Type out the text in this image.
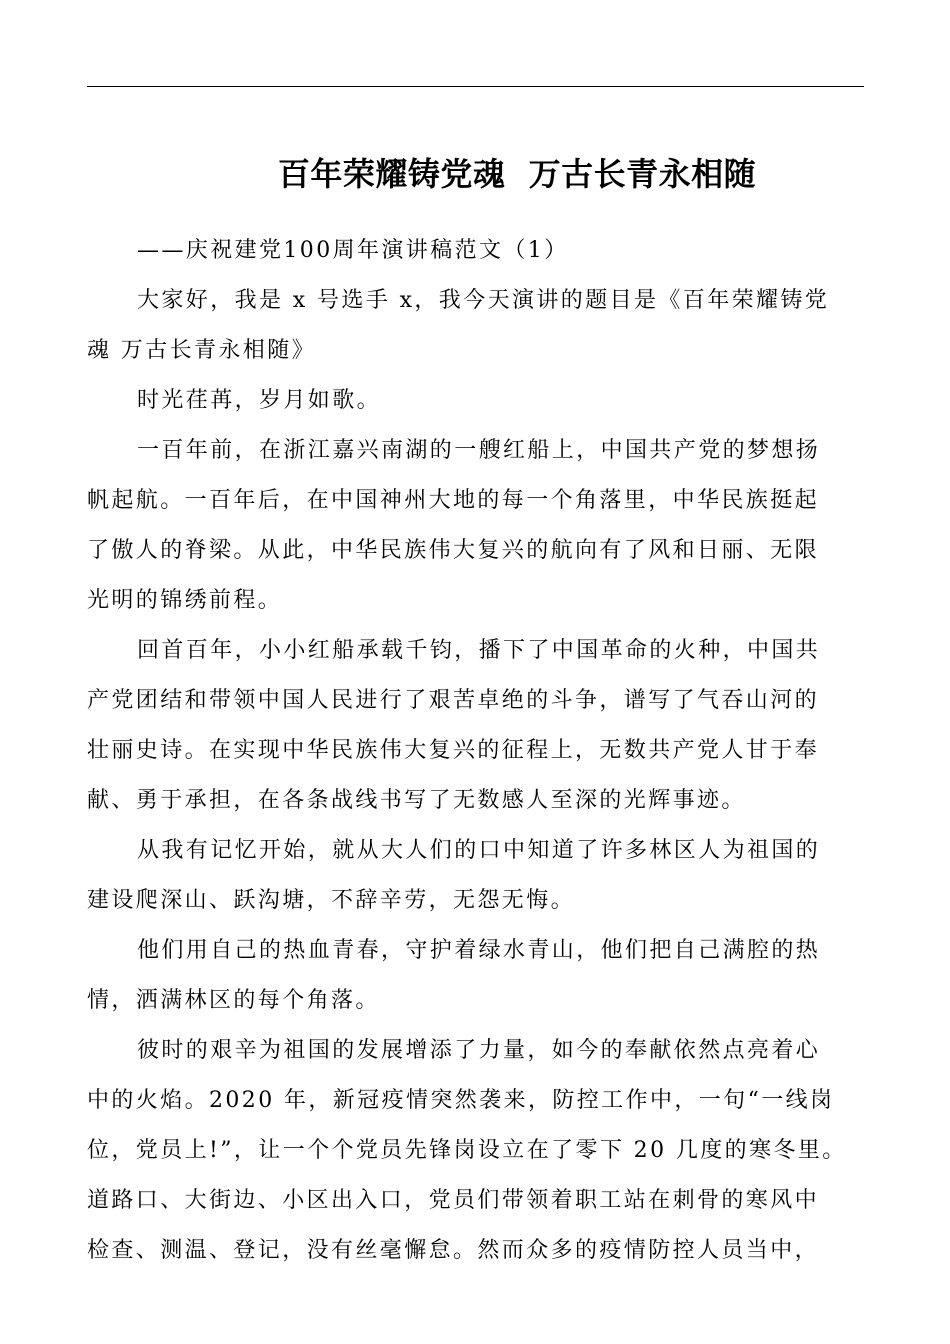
百年荣耀铸党魂  万古长青永相随

——庆祝建党100周年演讲稿范文（1）

大家好，我是 x 号选手 x，我今天演讲的题目是《百年荣耀铸党
魂 万古长青永相随》

时光荏苒，岁月如歌。

一百年前，在浙江嘉兴南湖的一艘红船上，中国共产党的梦想扬
帆起航。一百年后，在中国神州大地的每一个角落里，中华民族挺起
了傲人的脊梁。从此，中华民族伟大复兴的航向有了风和日丽、无限
光明的锦绣前程。

回首百年，小小红船承载千钧，播下了中国革命的火种，中国共
产党团结和带领中国人民进行了艰苦卓绝的斗争，谱写了气吞山河的
壮丽史诗。在实现中华民族伟大复兴的征程上，无数共产党人甘于奉
献、勇于承担，在各条战线书写了无数感人至深的光辉事迹。

从我有记忆开始，就从大人们的口中知道了许多林区人为祖国的
建设爬深山、跃沟塘，不辞辛劳，无怨无悔。

他们用自己的热血青春，守护着绿水青山，他们把自己满腔的热
情，洒满林区的每个角落。

彼时的艰辛为祖国的发展增添了力量，如今的奉献依然点亮着心
中的火焰。2020 年，新冠疫情突然袭来，防控工作中，一句“一线岗
位，党员上!”，让一个个党员先锋岗设立在了零下 20 几度的寒冬里。
道路口、大街边、小区出入口，党员们带领着职工站在刺骨的寒风中
检查、测温、登记，没有丝毫懈怠。然而众多的疫情防控人员当中，
